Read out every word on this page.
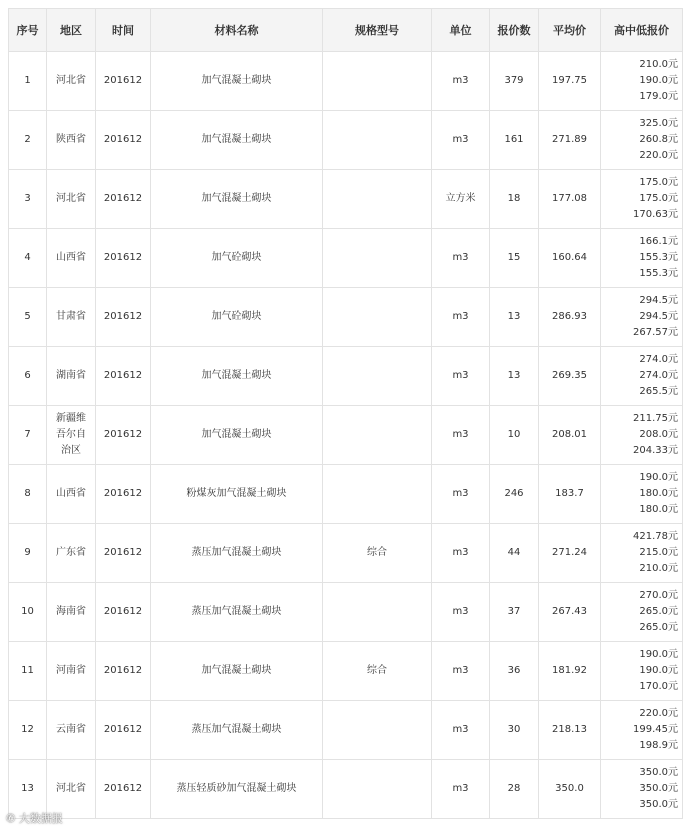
序号	地区	时间	材料名称	规格型号	单位	报价数	平均价	高中低报价
1	河北省	201612	加气混凝土砌块		m3	379	197.75	210.0元
190.0元
179.0元

2	陕西省	201612	加气混凝土砌块		m3	161	271.89	325.0元
260.8元
220.0元

3	河北省	201612	加气混凝土砌块		立方米	18	177.08	175.0元
175.0元
170.63元

4	山西省	201612	加气砼砌块		m3	15	160.64	166.1元
155.3元
155.3元

5	甘肃省	201612	加气砼砌块		m3	13	286.93	294.5元
294.5元
267.57元

6	湖南省	201612	加气混凝土砌块		m3	13	269.35	274.0元
274.0元
265.5元

7	新疆维吾尔自治区	201612	加气混凝土砌块		m3	10	208.01	211.75元
208.0元
204.33元

8	山西省	201612	粉煤灰加气混凝土砌块		m3	246	183.7	190.0元
180.0元
180.0元

9	广东省	201612	蒸压加气混凝土砌块	综合	m3	44	271.24	421.78元
215.0元
210.0元

10	海南省	201612	蒸压加气混凝土砌块		m3	37	267.43	270.0元
265.0元
265.0元

11	河南省	201612	加气混凝土砌块	综合	m3	36	181.92	190.0元
190.0元
170.0元

12	云南省	201612	蒸压加气混凝土砌块		m3	30	218.13	220.0元
199.45元
198.9元

13	河北省	201612	蒸压轻质砂加气混凝土砌块		m3	28	350.0	350.0元
350.0元
350.0元
✆ 大数据报
